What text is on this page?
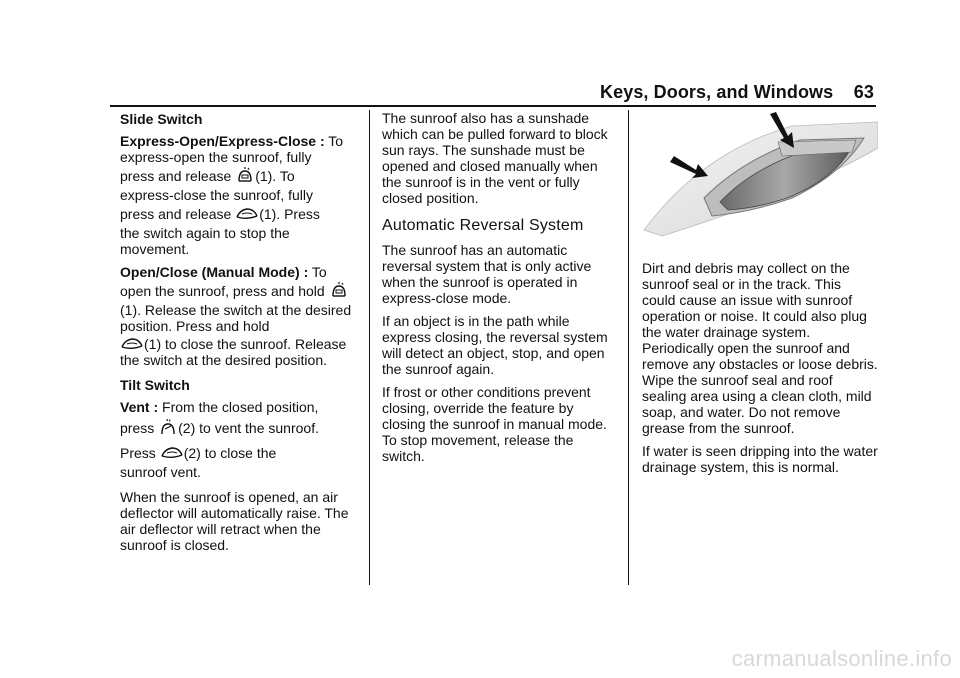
Keys, Doors, and Windows 63

Slide Switch

Express-Open/Express-Close : To
express-open the sunroof, fully
press and release (1). To
express-close the sunroof, fully
press and release (1). Press
the switch again to stop the movement.

Open/Close (Manual Mode) : To
open the sunroof, press and hold
(1). Release the switch at the desired position. Press and hold
(1) to close the sunroof. Release the switch at the desired position.

Tilt Switch

Vent : From the closed position,
press (2) to vent the sunroof.
Press (2) to close the
sunroof vent.

When the sunroof is opened, an air deflector will automatically raise. The air deflector will retract when the sunroof is closed.

The sunroof also has a sunshade which can be pulled forward to block sun rays. The sunshade must be opened and closed manually when the sunroof is in the vent or fully closed position.

Automatic Reversal System

The sunroof has an automatic reversal system that is only active when the sunroof is operated in express-close mode.

If an object is in the path while express closing, the reversal system will detect an object, stop, and open the sunroof again.

If frost or other conditions prevent closing, override the feature by closing the sunroof in manual mode. To stop movement, release the switch.

Dirt and debris may collect on the sunroof seal or in the track. This could cause an issue with sunroof operation or noise. It could also plug the water drainage system. Periodically open the sunroof and remove any obstacles or loose debris. Wipe the sunroof seal and roof sealing area using a clean cloth, mild soap, and water. Do not remove grease from the sunroof.

If water is seen dripping into the water drainage system, this is normal.

carmanualsonline.info
